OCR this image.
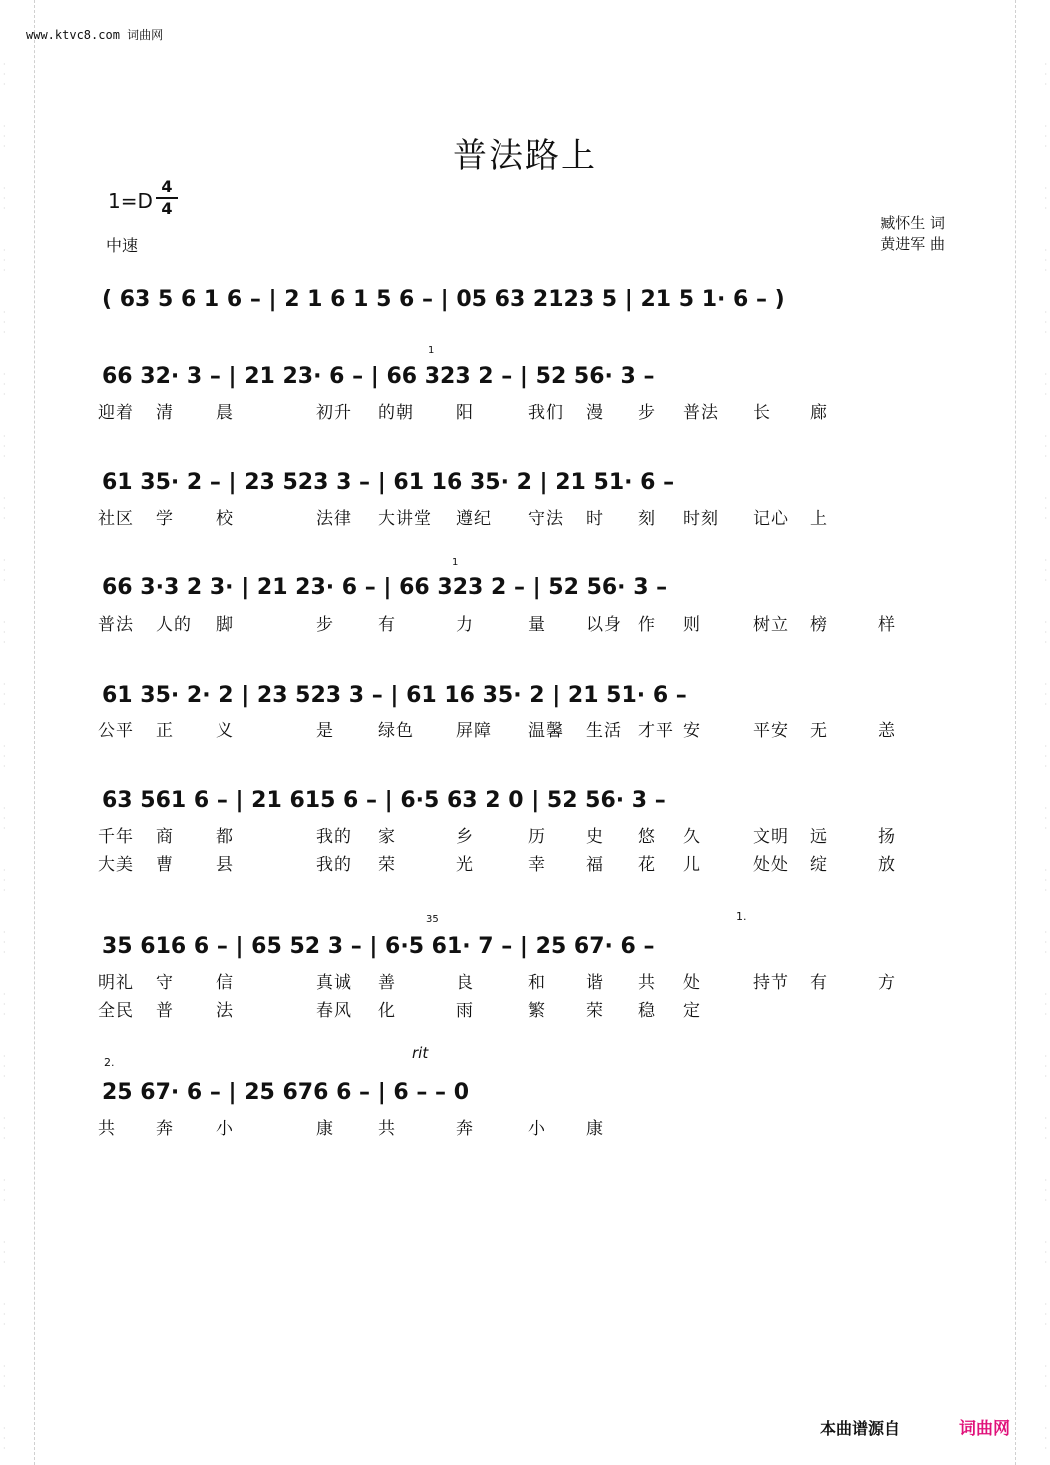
www.ktvc8.com 词曲网
普法路上
1=D
4
4
中速
臧怀生 词
黄进军 曲
( 63 5 6 1 6 – | 2 1 6 1 5 6 – | 05 63 2123 5 | 21 5 1· 6 – )
66 32· 3 – | 21 23· 6 – | 66 323 2 – | 52 56· 3 –
迎着 清 晨	初升 的朝 阳	我们 漫 步 普法 长 廊
61 35· 2 – | 23 523 3 – | 61 16 35· 2 | 21 51· 6 –
社区 学 校	法律 大讲堂 遵纪 守法 时 刻 时刻 记心 上
66 3·3 2 3· | 21 23· 6 – | 66 323 2 – | 52 56· 3 –
普法 人的 脚	步	有	力	量 以身 作 则	树立 榜	样
61 35· 2· 2 | 23 523 3 – | 61 16 35· 2 | 21 51· 6 –
公平 正 义	是	绿色 屏障 温馨 生活 才平 安	平安 无	恙
63 561 6 – | 21 615 6 – | 6·5 63 2 0 | 52 56· 3 –
千年 商 都	我的 家	乡	历 史 悠 久	文明 远	扬
大美 曹 县	我的 荣	光	幸 福 花 儿	处处 绽	放
35 616 6 – | 65 52 3 – | 6·5 61· 7 – | 25 67· 6 –
明礼 守 信	真诚 善	良	和 谐 共 处	持节 有	方
全民 普 法	春风 化	雨	繁 荣 稳 定
25 67· 6 – | 25 676 6 – | 6 – – 0
共 奔 小	康	共	奔	小 康
本曲谱源自	词曲网
1.
2.
1
1
35
rit
·
·
·
·
·
·
·
·
·
·
·
·
·
·
·
·
·
·
·
·
·
·
·
·
·
·
·
·
·
·
·
·
·
·
·
·
·
·
·
·
·
·
·
·
·
·
·
·
·
·
·
·
·
·
·
·
·
·
·
·
·
·
·
·
·
·
·
·
·
·
·
·
·
·
·
·
·
·
·
·
·
·
·
·
·
·
·
·
·
·
·
·
·
·
·
·
·
·
·
·
·
·
·
·
·
·
·
·
·
·
·
·
·
·
·
·
·
·
·
·
·
·
·
·
·
·
·
·
·
·
·
·
·
·
·
·
·
·
